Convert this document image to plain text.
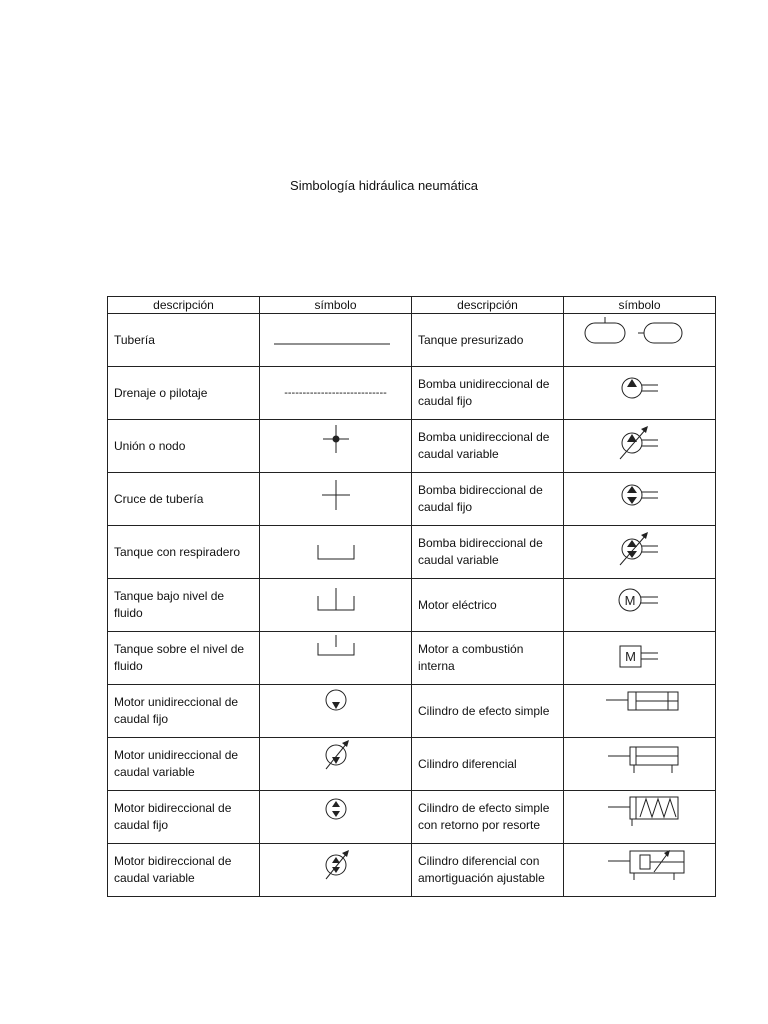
Simbología hidráulica neumática
descripción	símbolo	descripción	símbolo
Tubería		Tanque presurizado	

Drenaje o pilotaje	----------------------------	Bomba unidireccional de caudal fijo	

Unión o nodo		Bomba unidireccional de caudal variable	

Cruce de tubería		Bomba bidireccional de caudal fijo	

Tanque con respiradero		Bomba bidireccional de caudal variable	

Tanque bajo nivel de fluido		Motor eléctrico	M

Tanque sobre el nivel de fluido		Motor a combustión interna	M

Motor unidireccional de caudal fijo		Cilindro de efecto simple	

Motor unidireccional de caudal variable		Cilindro diferencial	

Motor bidireccional de caudal fijo		Cilindro de efecto simple con retorno por resorte	

Motor bidireccional de caudal variable		Cilindro diferencial con amortiguación ajustable	
